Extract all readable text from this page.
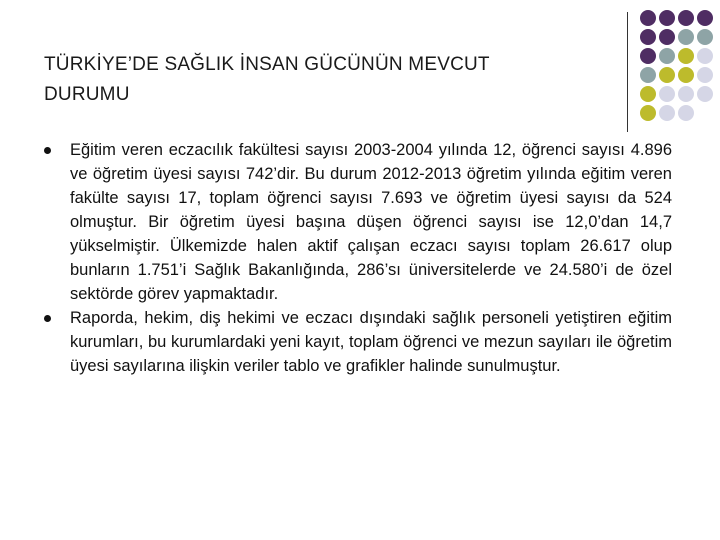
TÜRKİYE’DE SAĞLIK İNSAN GÜCÜNÜN MEVCUT
DURUMU
Eğitim veren eczacılık fakültesi sayısı 2003-2004 yılında 12, öğrenci sayısı 4.896 ve öğretim üyesi sayısı 742’dir. Bu durum 2012-2013 öğretim yılında eğitim veren fakülte sayısı 17, toplam öğrenci sayısı 7.693 ve öğretim üyesi sayısı da 524 olmuştur. Bir öğretim üyesi başına düşen öğrenci sayısı ise 12,0’dan 14,7 yükselmiştir. Ülkemizde halen aktif çalışan eczacı sayısı toplam 26.617 olup bunların 1.751’i Sağlık Bakanlığında, 286’sı üniversitelerde ve 24.580’i de özel sektörde görev yapmaktadır.
Raporda, hekim, diş hekimi ve eczacı dışındaki sağlık personeli yetiştiren eğitim kurumları, bu kurumlardaki yeni kayıt, toplam öğrenci ve mezun sayıları ile öğretim üyesi sayılarına ilişkin veriler tablo ve grafikler halinde sunulmuştur.
